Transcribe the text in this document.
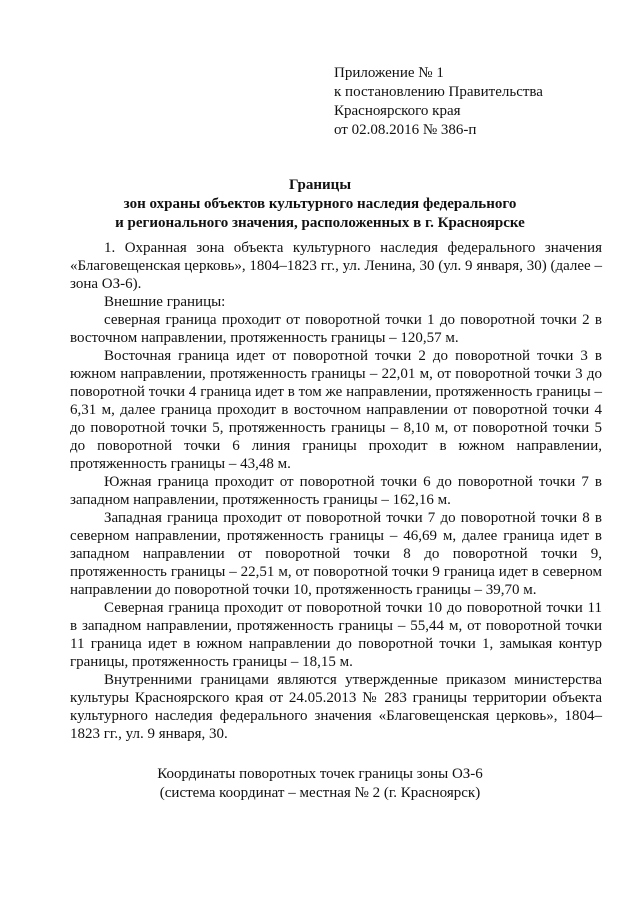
Приложение № 1
к постановлению Правительства
Красноярского края
от 02.08.2016 № 386-п
Границы
зон охраны объектов культурного наследия федерального
и регионального значения, расположенных в г. Красноярске

1. Охранная зона объекта культурного наследия федерального значения «Благовещенская церковь», 1804–1823 гг., ул. Ленина, 30 (ул. 9 января, 30) (далее – зона ОЗ-6).

Внешние границы:

северная граница проходит от поворотной точки 1 до поворотной точки 2 в восточном направлении, протяженность границы – 120,57 м.

Восточная граница идет от поворотной точки 2 до поворотной точки 3 в южном направлении, протяженность границы – 22,01 м, от поворотной точки 3 до поворотной точки 4 граница идет в том же направлении, протяженность границы – 6,31 м, далее граница проходит в восточном направлении от поворотной точки 4 до поворотной точки 5, протяженность границы – 8,10 м, от поворотной точки 5 до поворотной точки 6 линия границы проходит в южном направлении, протяженность границы – 43,48 м.

Южная граница проходит от поворотной точки 6 до поворотной точки 7 в западном направлении, протяженность границы – 162,16 м.

Западная граница проходит от поворотной точки 7 до поворотной точки 8 в северном направлении, протяженность границы – 46,69 м, далее граница идет в западном направлении от поворотной точки 8 до поворотной точки 9, протяженность границы – 22,51 м, от поворотной точки 9 граница идет в северном направлении до поворотной точки 10, протяженность границы – 39,70 м.

Северная граница проходит от поворотной точки 10 до поворотной точки 11 в западном направлении, протяженность границы – 55,44 м, от поворотной точки 11 граница идет в южном направлении до поворотной точки 1, замыкая контур границы, протяженность границы – 18,15 м.

Внутренними границами являются утвержденные приказом министерства культуры Красноярского края от 24.05.2013 № 283 границы территории объекта культурного наследия федерального значения «Благовещенская церковь», 1804–1823 гг., ул. 9 января, 30.

Координаты поворотных точек границы зоны ОЗ-6
(система координат – местная № 2 (г. Красноярск)
